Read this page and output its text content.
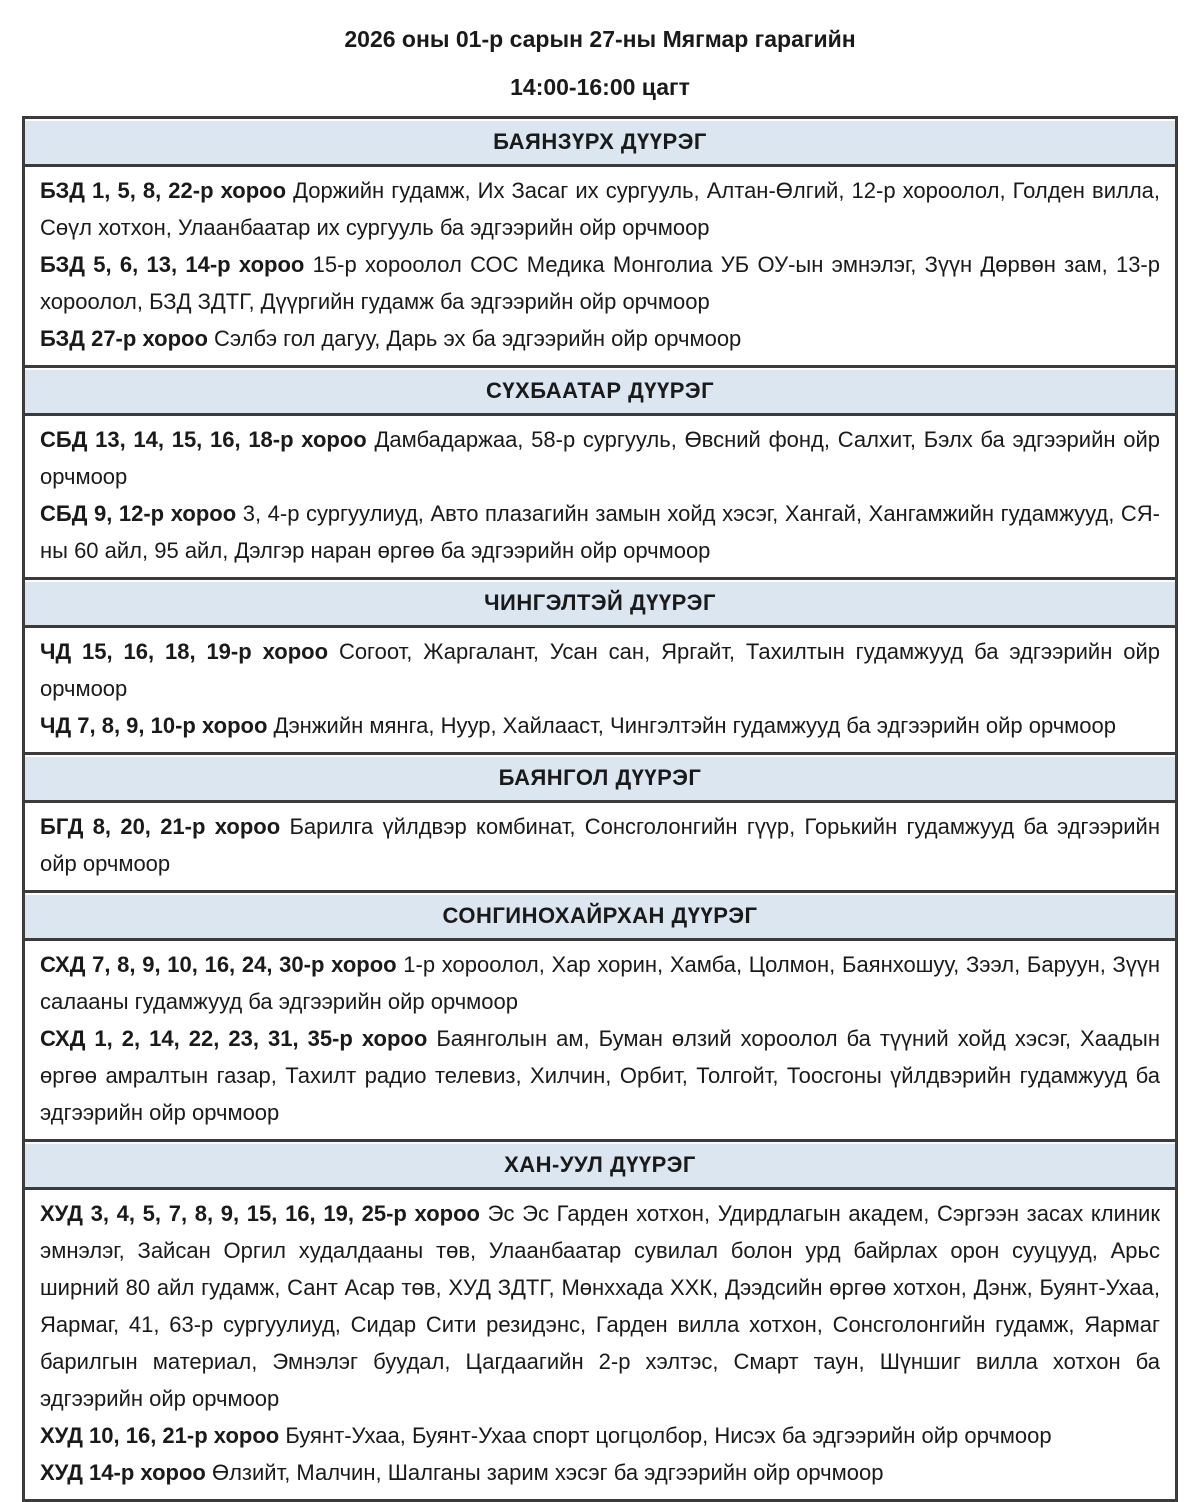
2026 оны 01-р сарын 27-ны Мягмар гарагийн
14:00-16:00 цагт
БАЯНЗҮРХ ДҮҮРЭГ

БЗД 1, 5, 8, 22-р хороо Доржийн гудамж, Их Засаг их сургууль, Алтан-Өлгий, 12-р хороолол, Голден вилла, Сөүл хотхон, Улаанбаатар их сургууль ба эдгээрийн ойр орчмоор

БЗД 5, 6, 13, 14-р хороо 15-р хороолол СОС Медика Монголиа УБ ОУ-ын эмнэлэг, Зүүн Дөрвөн зам, 13-р хороолол, БЗД ЗДТГ, Дүүргийн гудамж ба эдгээрийн ойр орчмоор

БЗД 27-р хороо Сэлбэ гол дагуу, Дарь эх ба эдгээрийн ойр орчмоор

СҮХБААТАР ДҮҮРЭГ

СБД 13, 14, 15, 16, 18-р хороо Дамбадаржаа, 58-р сургууль, Өвсний фонд, Салхит, Бэлх ба эдгээрийн ойр орчмоор

СБД 9, 12-р хороо 3, 4-р сургуулиуд, Авто плазагийн замын хойд хэсэг, Хангай, Хангамжийн гудамжууд, СЯ-ны 60 айл, 95 айл, Дэлгэр наран өргөө ба эдгээрийн ойр орчмоор

ЧИНГЭЛТЭЙ ДҮҮРЭГ

ЧД 15, 16, 18, 19-р хороо Согоот, Жаргалант, Усан сан, Яргайт, Тахилтын гудамжууд ба эдгээрийн ойр орчмоор

ЧД 7, 8, 9, 10-р хороо Дэнжийн мянга, Нуур, Хайлааст, Чингэлтэйн гудамжууд ба эдгээрийн ойр орчмоор

БАЯНГОЛ ДҮҮРЭГ

БГД 8, 20, 21-р хороо Барилга үйлдвэр комбинат, Сонсголонгийн гүүр, Горькийн гудамжууд ба эдгээрийн ойр орчмоор

СОНГИНОХАЙРХАН ДҮҮРЭГ

СХД 7, 8, 9, 10, 16, 24, 30-р хороо 1-р хороолол, Хар хорин, Хамба, Цолмон, Баянхошуу, Зээл, Баруун, Зүүн салааны гудамжууд ба эдгээрийн ойр орчмоор

СХД 1, 2, 14, 22, 23, 31, 35-р хороо Баянголын ам, Буман өлзий хороолол ба түүний хойд хэсэг, Хаадын өргөө амралтын газар, Тахилт радио телевиз, Хилчин, Орбит, Толгойт, Тоосгоны үйлдвэрийн гудамжууд ба эдгээрийн ойр орчмоор

ХАН-УУЛ ДҮҮРЭГ

ХУД 3, 4, 5, 7, 8, 9, 15, 16, 19, 25-р хороо Эс Эс Гарден хотхон, Удирдлагын академ, Сэргээн засах клиник эмнэлэг, Зайсан Оргил худалдааны төв, Улаанбаатар сувилал болон урд байрлах орон сууцууд, Арьс ширний 80 айл гудамж, Сант Асар төв, ХУД ЗДТГ, Мөнххада ХХК, Дээдсийн өргөө хотхон, Дэнж, Буянт-Ухаа, Яармаг, 41, 63-р сургуулиуд, Сидар Сити резидэнс, Гарден вилла хотхон, Сонсголонгийн гудамж, Яармаг барилгын материал, Эмнэлэг буудал, Цагдаагийн 2-р хэлтэс, Смарт таун, Шүншиг вилла хотхон ба эдгээрийн ойр орчмоор

ХУД 10, 16, 21-р хороо Буянт-Ухаа, Буянт-Ухаа спорт цогцолбор, Нисэх ба эдгээрийн ойр орчмоор

ХУД 14-р хороо Өлзийт, Малчин, Шалганы зарим хэсэг ба эдгээрийн ойр орчмоор
